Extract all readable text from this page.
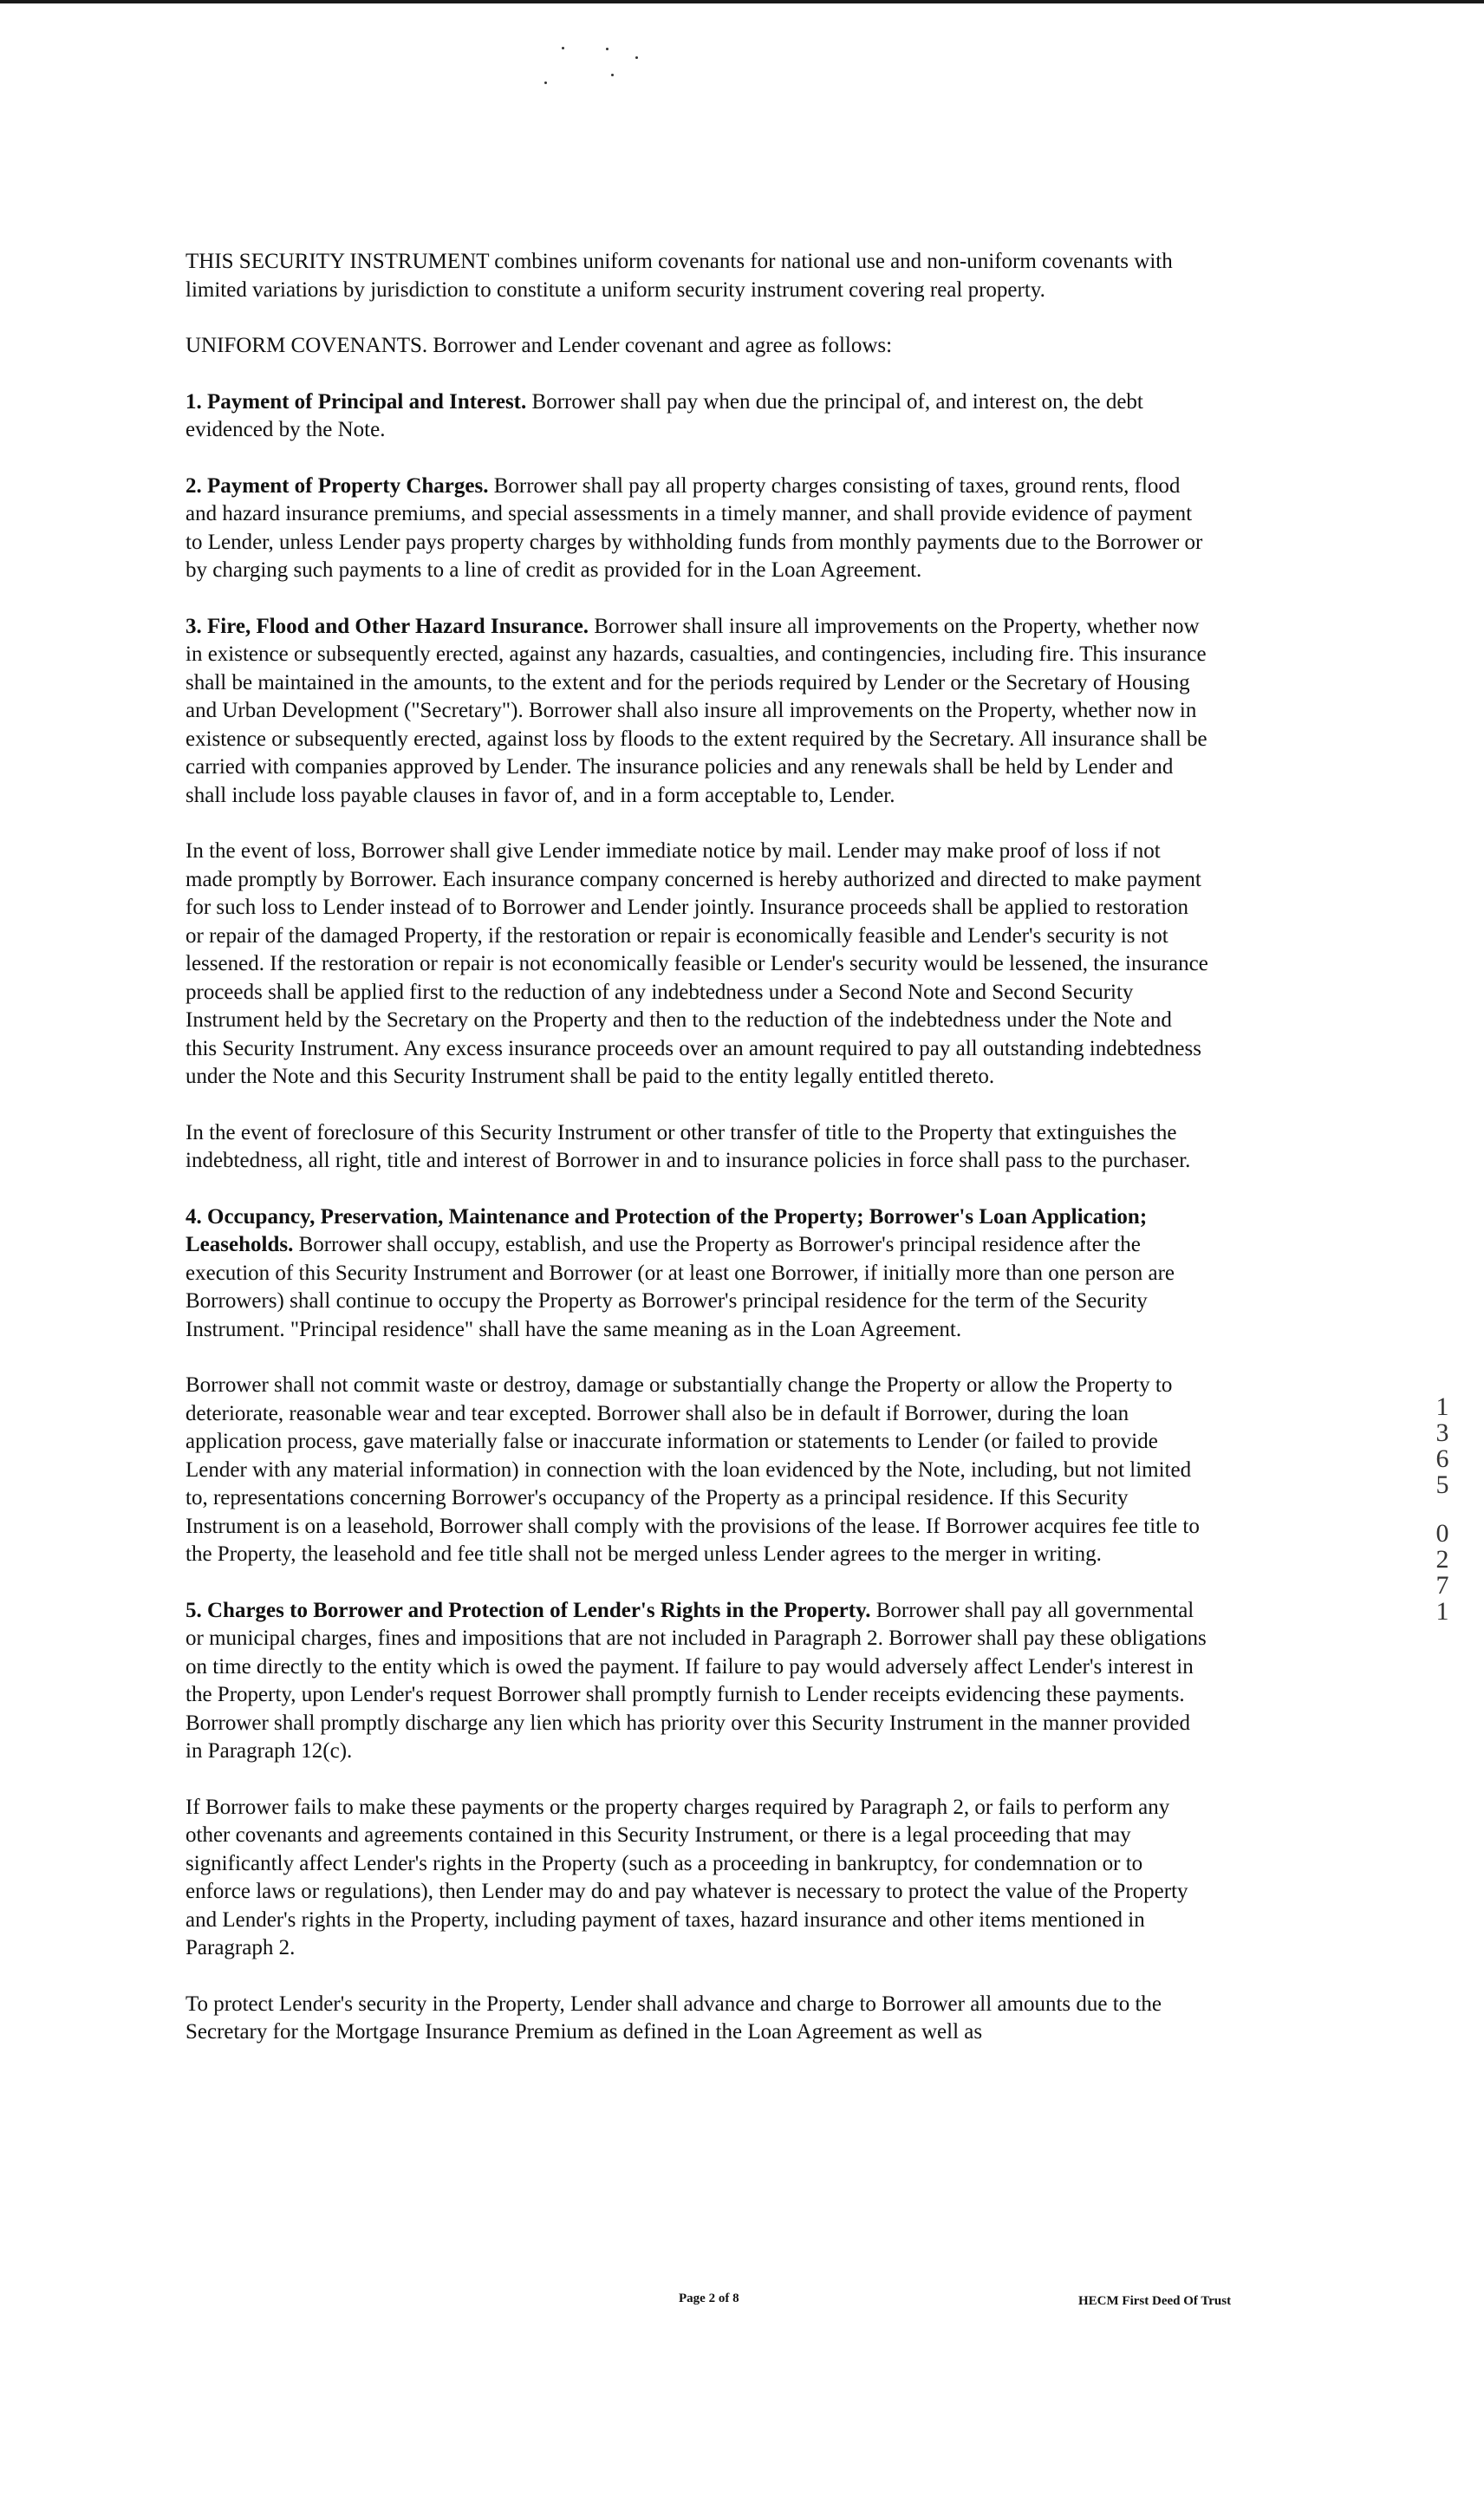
THIS SECURITY INSTRUMENT combines uniform covenants for national use and non-uniform covenants with limited variations by jurisdiction to constitute a uniform security instrument covering real property.

UNIFORM COVENANTS. Borrower and Lender covenant and agree as follows:

1. Payment of Principal and Interest. Borrower shall pay when due the principal of, and interest on, the debt evidenced by the Note.

2. Payment of Property Charges. Borrower shall pay all property charges consisting of taxes, ground rents, flood and hazard insurance premiums, and special assessments in a timely manner, and shall provide evidence of payment to Lender, unless Lender pays property charges by withholding funds from monthly payments due to the Borrower or by charging such payments to a line of credit as provided for in the Loan Agreement.

3. Fire, Flood and Other Hazard Insurance. Borrower shall insure all improvements on the Property, whether now in existence or subsequently erected, against any hazards, casualties, and contingencies, including fire. This insurance shall be maintained in the amounts, to the extent and for the periods required by Lender or the Secretary of Housing and Urban Development ("Secretary"). Borrower shall also insure all improvements on the Property, whether now in existence or subsequently erected, against loss by floods to the extent required by the Secretary. All insurance shall be carried with companies approved by Lender. The insurance policies and any renewals shall be held by Lender and shall include loss payable clauses in favor of, and in a form acceptable to, Lender.

In the event of loss, Borrower shall give Lender immediate notice by mail. Lender may make proof of loss if not made promptly by Borrower. Each insurance company concerned is hereby authorized and directed to make payment for such loss to Lender instead of to Borrower and Lender jointly. Insurance proceeds shall be applied to restoration or repair of the damaged Property, if the restoration or repair is economically feasible and Lender's security is not lessened. If the restoration or repair is not economically feasible or Lender's security would be lessened, the insurance proceeds shall be applied first to the reduction of any indebtedness under a Second Note and Second Security Instrument held by the Secretary on the Property and then to the reduction of the indebtedness under the Note and this Security Instrument. Any excess insurance proceeds over an amount required to pay all outstanding indebtedness under the Note and this Security Instrument shall be paid to the entity legally entitled thereto.

In the event of foreclosure of this Security Instrument or other transfer of title to the Property that extinguishes the indebtedness, all right, title and interest of Borrower in and to insurance policies in force shall pass to the purchaser.

4. Occupancy, Preservation, Maintenance and Protection of the Property; Borrower's Loan Application; Leaseholds. Borrower shall occupy, establish, and use the Property as Borrower's principal residence after the execution of this Security Instrument and Borrower (or at least one Borrower, if initially more than one person are Borrowers) shall continue to occupy the Property as Borrower's principal residence for the term of the Security Instrument. "Principal residence" shall have the same meaning as in the Loan Agreement.

Borrower shall not commit waste or destroy, damage or substantially change the Property or allow the Property to deteriorate, reasonable wear and tear excepted. Borrower shall also be in default if Borrower, during the loan application process, gave materially false or inaccurate information or statements to Lender (or failed to provide Lender with any material information) in connection with the loan evidenced by the Note, including, but not limited to, representations concerning Borrower's occupancy of the Property as a principal residence. If this Security Instrument is on a leasehold, Borrower shall comply with the provisions of the lease. If Borrower acquires fee title to the Property, the leasehold and fee title shall not be merged unless Lender agrees to the merger in writing.

5. Charges to Borrower and Protection of Lender's Rights in the Property. Borrower shall pay all governmental or municipal charges, fines and impositions that are not included in Paragraph 2. Borrower shall pay these obligations on time directly to the entity which is owed the payment. If failure to pay would adversely affect Lender's interest in the Property, upon Lender's request Borrower shall promptly furnish to Lender receipts evidencing these payments. Borrower shall promptly discharge any lien which has priority over this Security Instrument in the manner provided in Paragraph 12(c).

If Borrower fails to make these payments or the property charges required by Paragraph 2, or fails to perform any other covenants and agreements contained in this Security Instrument, or there is a legal proceeding that may significantly affect Lender's rights in the Property (such as a proceeding in bankruptcy, for condemnation or to enforce laws or regulations), then Lender may do and pay whatever is necessary to protect the value of the Property and Lender's rights in the Property, including payment of taxes, hazard insurance and other items mentioned in Paragraph 2.

To protect Lender's security in the Property, Lender shall advance and charge to Borrower all amounts due to the Secretary for the Mortgage Insurance Premium as defined in the Loan Agreement as well as

1
3
6
5
0
2
7
1
Page 2 of 8	HECM First Deed Of Trust
